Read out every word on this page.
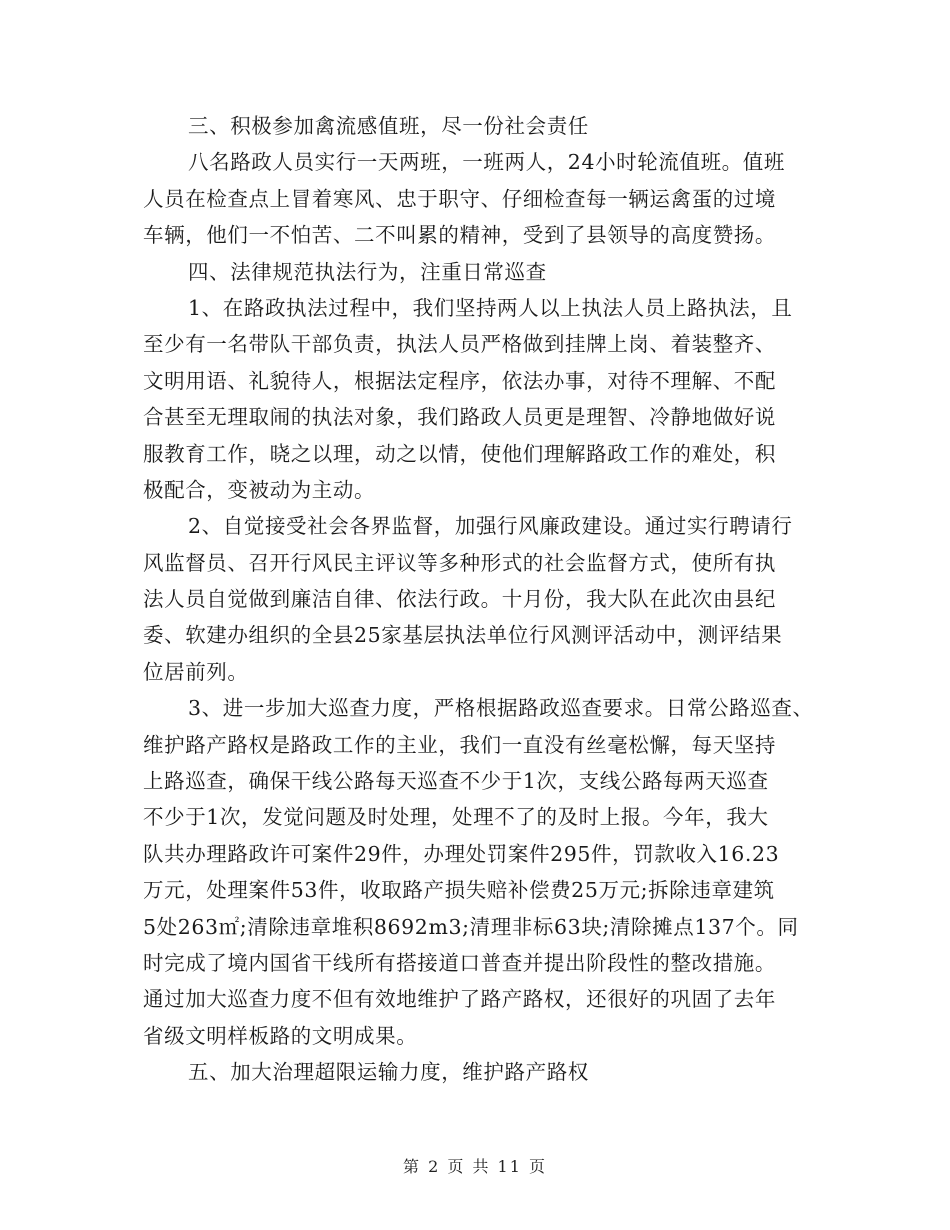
三、积极参加禽流感值班，尽一份社会责任
八名路政人员实行一天两班，一班两人，24小时轮流值班。值班
人员在检查点上冒着寒风、忠于职守、仔细检查每一辆运禽蛋的过境
车辆，他们一不怕苦、二不叫累的精神，受到了县领导的高度赞扬。
四、法律规范执法行为，注重日常巡查
1、在路政执法过程中，我们坚持两人以上执法人员上路执法，且
至少有一名带队干部负责，执法人员严格做到挂牌上岗、着装整齐、
文明用语、礼貌待人，根据法定程序，依法办事，对待不理解、不配
合甚至无理取闹的执法对象，我们路政人员更是理智、冷静地做好说
服教育工作，晓之以理，动之以情，使他们理解路政工作的难处，积
极配合，变被动为主动。
2、自觉接受社会各界监督，加强行风廉政建设。通过实行聘请行
风监督员、召开行风民主评议等多种形式的社会监督方式，使所有执
法人员自觉做到廉洁自律、依法行政。十月份，我大队在此次由县纪
委、软建办组织的全县25家基层执法单位行风测评活动中，测评结果
位居前列。
3、进一步加大巡查力度，严格根据路政巡查要求。日常公路巡查、
维护路产路权是路政工作的主业，我们一直没有丝毫松懈，每天坚持
上路巡查，确保干线公路每天巡查不少于1次，支线公路每两天巡查
不少于1次，发觉问题及时处理，处理不了的及时上报。今年，我大
队共办理路政许可案件29件，办理处罚案件295件，罚款收入16.23
万元，处理案件53件，收取路产损失赔补偿费25万元;拆除违章建筑
5处263㎡;清除违章堆积8692m3;清理非标63块;清除摊点137个。同
时完成了境内国省干线所有搭接道口普查并提出阶段性的整改措施。
通过加大巡查力度不但有效地维护了路产路权，还很好的巩固了去年
省级文明样板路的文明成果。
五、加大治理超限运输力度，维护路产路权
第 2 页 共 11 页
